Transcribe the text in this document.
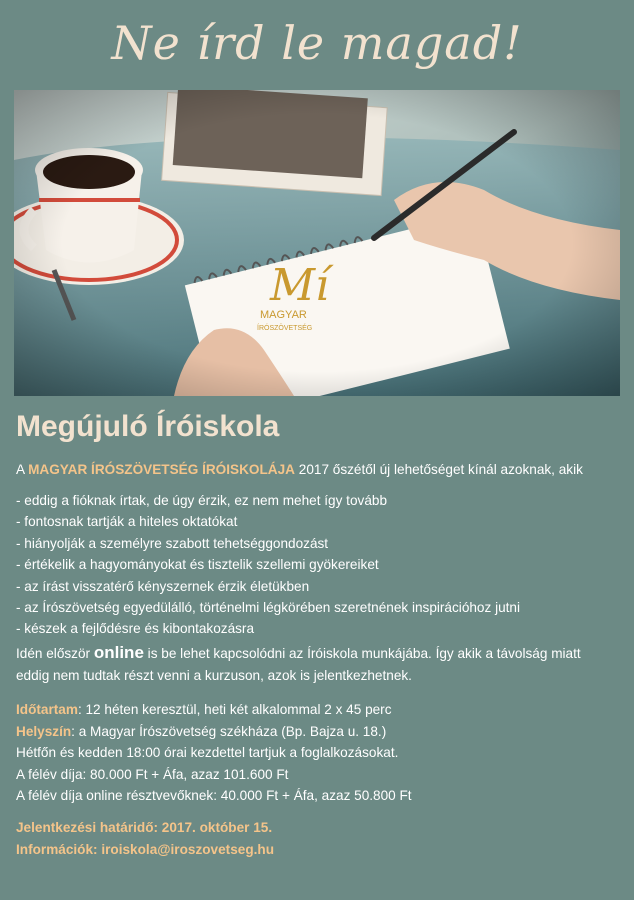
Ne írd le magad!
Mí
MAGYAR
ÍRÓSZÖVETSÉG
Megújuló Íróiskola
A MAGYAR ÍRÓSZÖVETSÉG ÍRÓISKOLÁJA 2017 őszétől új lehetőséget kínál azoknak, akik
- eddig a fióknak írtak, de úgy érzik, ez nem mehet így tovább
- fontosnak tartják a hiteles oktatókat
- hiányolják a személyre szabott tehetséggondozást
- értékelik a hagyományokat és tisztelik szellemi gyökereiket
- az írást visszatérő kényszernek érzik életükben
- az Írószövetség egyedülálló, történelmi légkörében szeretnének inspirációhoz jutni
- készek a fejlődésre és kibontakozásra

Idén először online is be lehet kapcsolódni az Íróiskola munkájába. Így akik a távolság miatt eddig nem tudtak részt venni a kurzuson, azok is jelentkezhetnek.

Időtartam: 12 héten keresztül, heti két alkalommal 2 x 45 perc
Helyszín: a Magyar Írószövetség székháza (Bp. Bajza u. 18.)
Hétfőn és kedden 18:00 órai kezdettel tartjuk a foglalkozásokat.
A félév díja: 80.000 Ft + Áfa, azaz 101.600 Ft
A félév díja online résztvevőknek: 40.000 Ft + Áfa, azaz 50.800 Ft
Jelentkezési határidő: 2017. október 15.
Információk: iroiskola@iroszovetseg.hu
